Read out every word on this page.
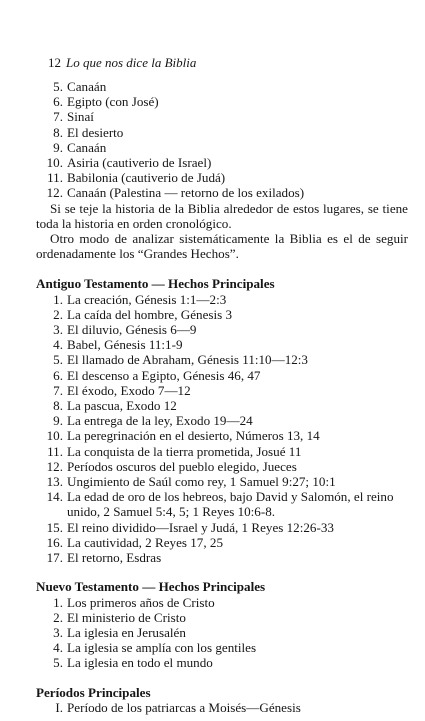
12 Lo que nos dice la Biblia
5. Canaán
6. Egipto (con José)
7. Sinaí
8. El desierto
9. Canaán
10. Asiria (cautiverio de Israel)
11. Babilonia (cautiverio de Judá)
12. Canaán (Palestina — retorno de los exilados)

Si se teje la historia de la Biblia alrededor de estos lugares, se tiene toda la historia en orden cronológico.

Otro modo de analizar sistemáticamente la Biblia es el de seguir ordenadamente los “Grandes Hechos”.

Antiguo Testamento — Hechos Principales

1. La creación, Génesis 1:1—2:3
2. La caída del hombre, Génesis 3
3. El diluvio, Génesis 6—9
4. Babel, Génesis 11:1-9
5. El llamado de Abraham, Génesis 11:10—12:3
6. El descenso a Egipto, Génesis 46, 47
7. El éxodo, Exodo 7—12
8. La pascua, Exodo 12
9. La entrega de la ley, Exodo 19—24
10. La peregrinación en el desierto, Números 13, 14
11. La conquista de la tierra prometida, Josué 11
12. Períodos oscuros del pueblo elegido, Jueces
13. Ungimiento de Saúl como rey, 1 Samuel 9:27; 10:1
14. La edad de oro de los hebreos, bajo David y Salomón, el reino unido, 2 Samuel 5:4, 5; 1 Reyes 10:6-8.
15. El reino dividido—Israel y Judá, 1 Reyes 12:26-33
16. La cautividad, 2 Reyes 17, 25
17. El retorno, Esdras

Nuevo Testamento — Hechos Principales

1. Los primeros años de Cristo
2. El ministerio de Cristo
3. La iglesia en Jerusalén
4. La iglesia se amplía con los gentiles
5. La iglesia en todo el mundo

Períodos Principales

I. Período de los patriarcas a Moisés—Génesis
